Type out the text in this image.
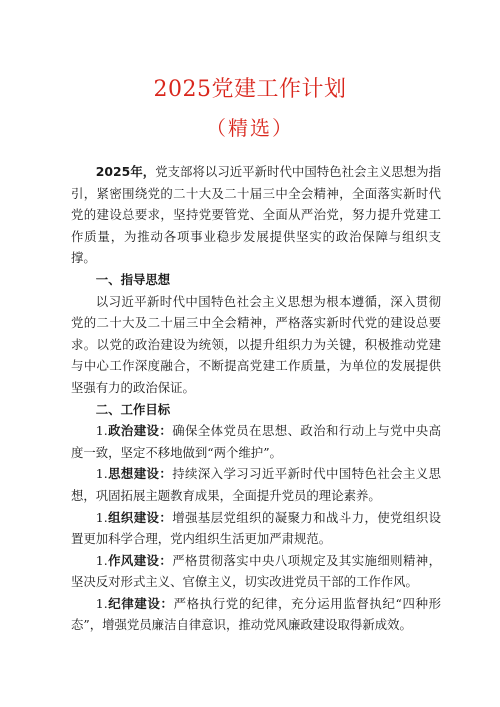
2025党建工作计划
（精选）

2025年，党支部将以习近平新时代中国特色社会主义思想为指引，紧密围绕党的二十大及二十届三中全会精神，全面落实新时代党的建设总要求，坚持党要管党、全面从严治党，努力提升党建工作质量，为推动各项事业稳步发展提供坚实的政治保障与组织支撑。

一、指导思想

以习近平新时代中国特色社会主义思想为根本遵循，深入贯彻党的二十大及二十届三中全会精神，严格落实新时代党的建设总要求。以党的政治建设为统领，以提升组织力为关键，积极推动党建与中心工作深度融合，不断提高党建工作质量，为单位的发展提供坚强有力的政治保证。

二、工作目标

1.政治建设：确保全体党员在思想、政治和行动上与党中央高度一致，坚定不移地做到“两个维护”。

1.思想建设：持续深入学习习近平新时代中国特色社会主义思想，巩固拓展主题教育成果，全面提升党员的理论素养。

1.组织建设：增强基层党组织的凝聚力和战斗力，使党组织设置更加科学合理，党内组织生活更加严肃规范。

1.作风建设：严格贯彻落实中央八项规定及其实施细则精神，坚决反对形式主义、官僚主义，切实改进党员干部的工作作风。

1.纪律建设：严格执行党的纪律，充分运用监督执纪“四种形态”，增强党员廉洁自律意识，推动党风廉政建设取得新成效。
